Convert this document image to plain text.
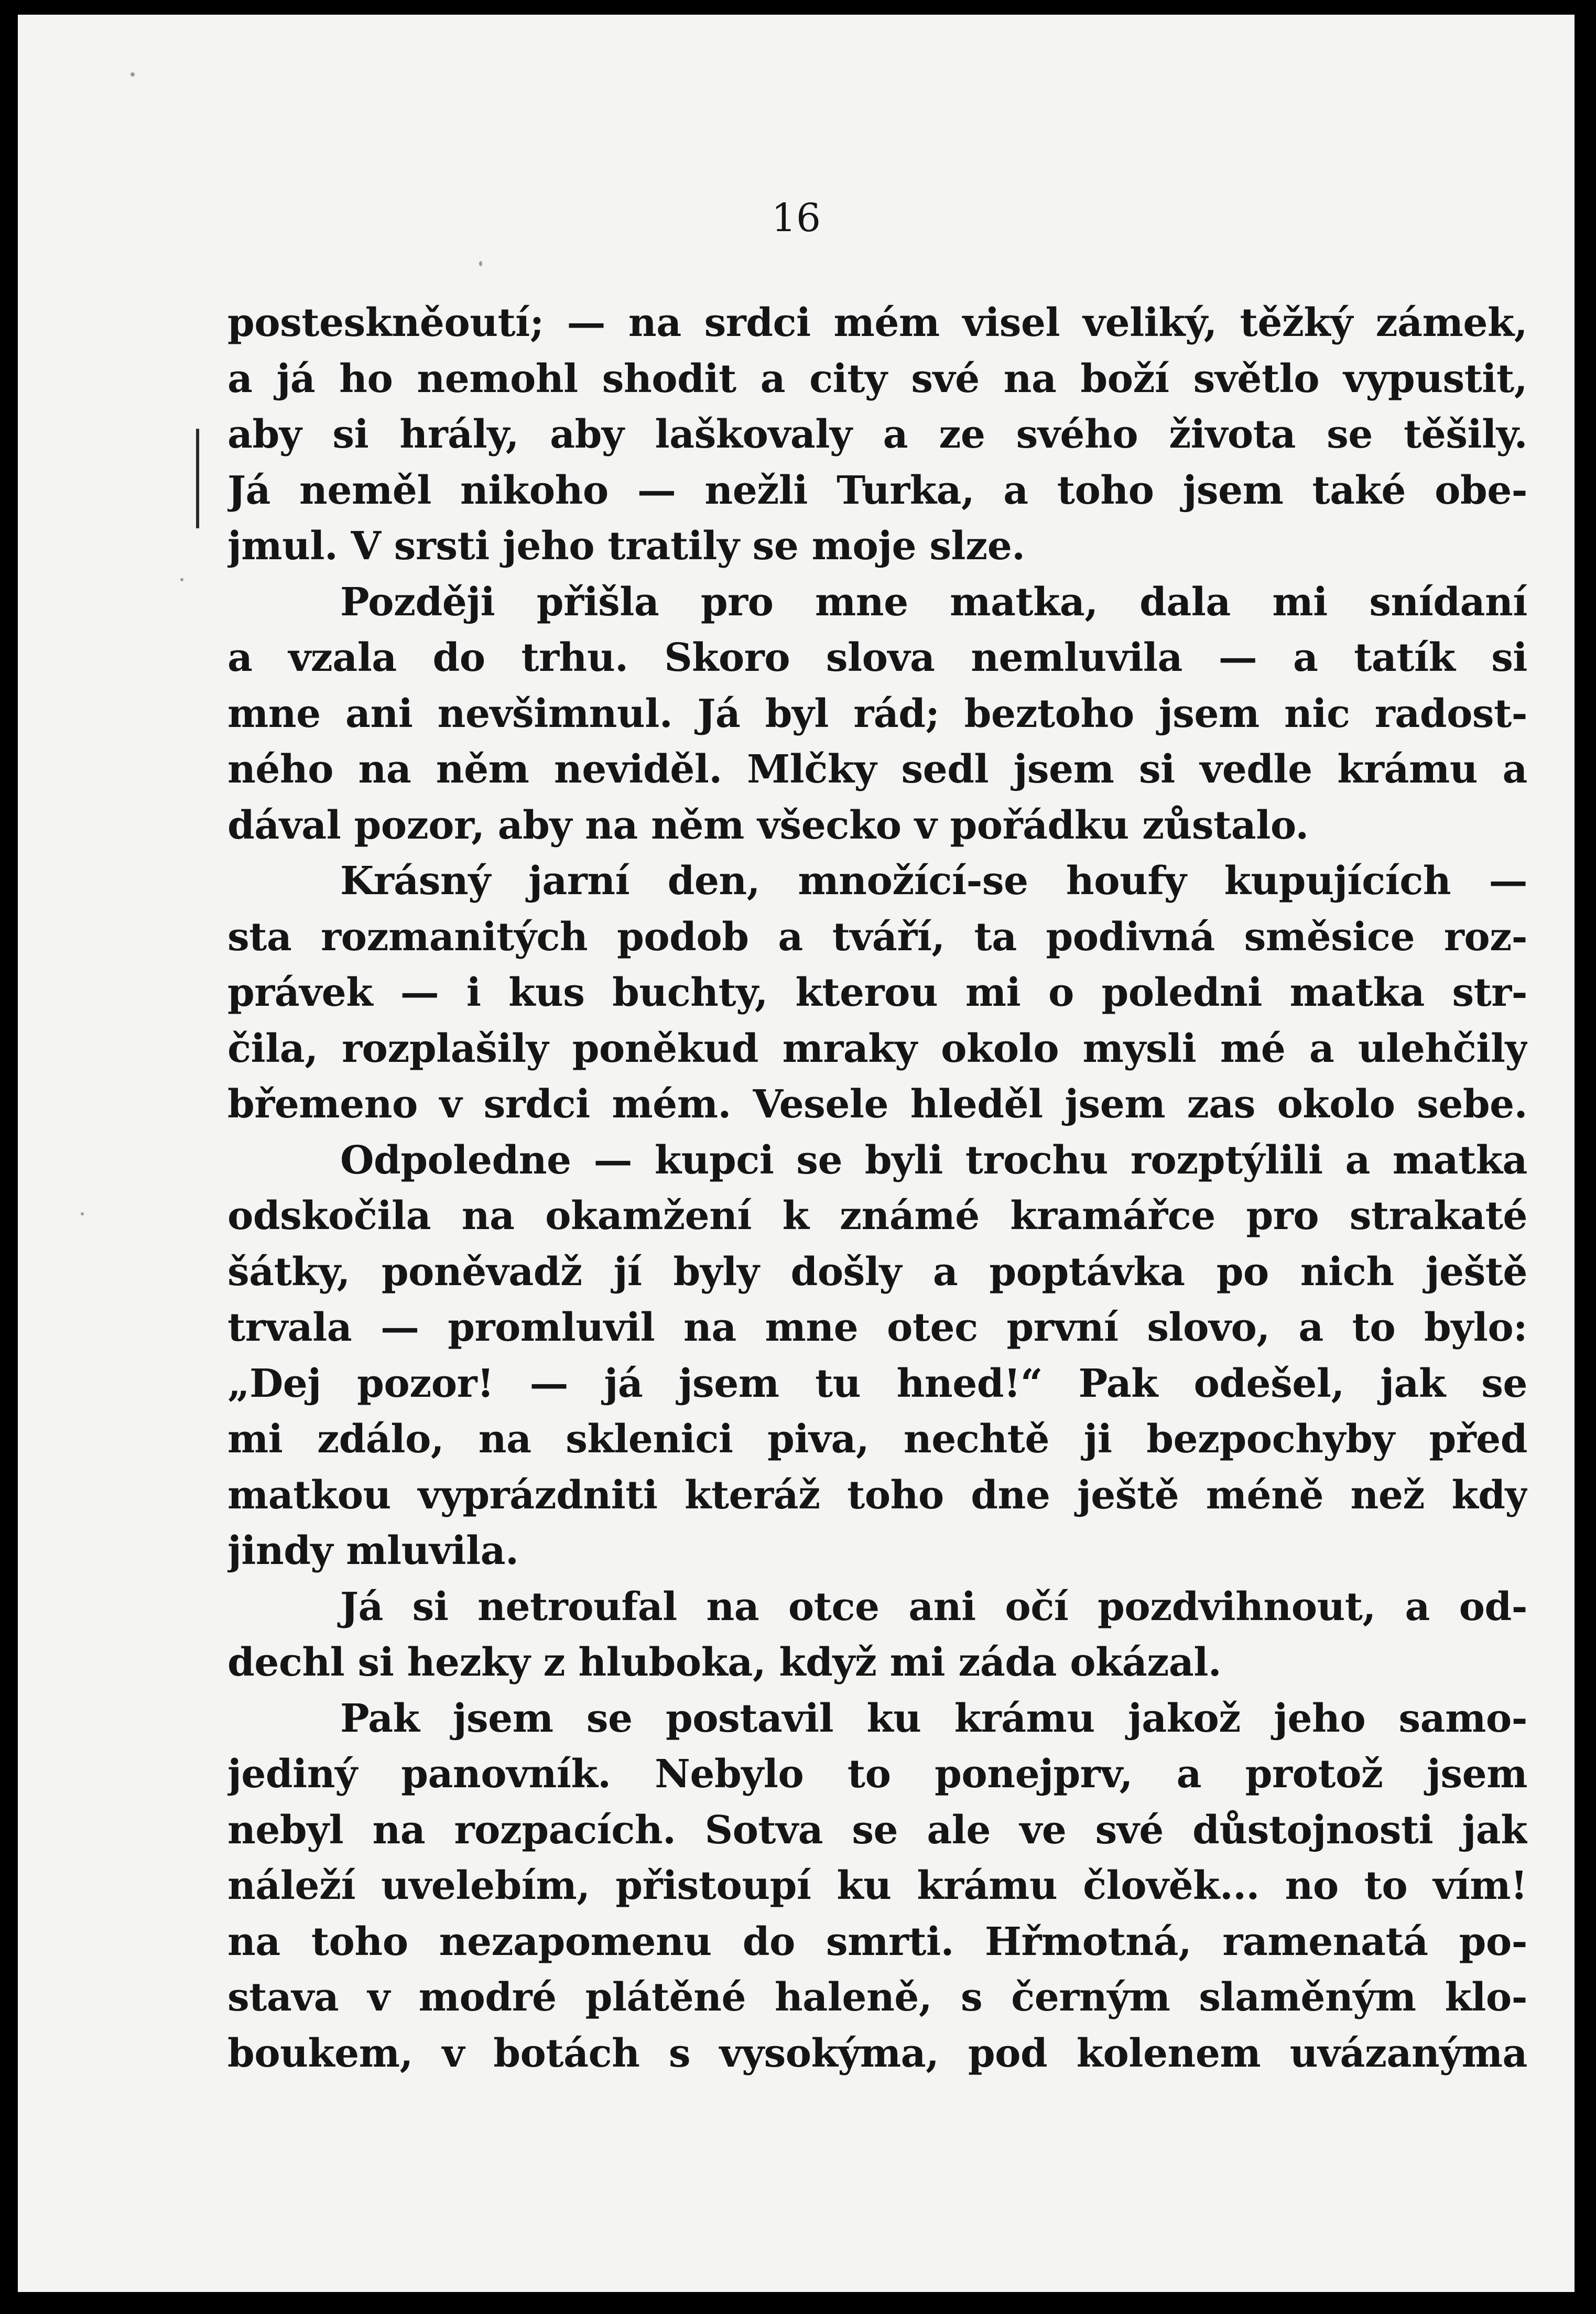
16
posteskněoutí; — na srdci mém visel veliký, těžký zámek,
a já ho nemohl shodit a city své na boží světlo vypustit,
aby si hrály, aby laškovaly a ze svého života se těšily.
Já neměl nikoho — nežli Turka, a toho jsem také obe-
jmul. V srsti jeho tratily se moje slze.
Později přišla pro mne matka, dala mi snídaní
a vzala do trhu. Skoro slova nemluvila — a tatík si
mne ani nevšimnul. Já byl rád; beztoho jsem nic radost-
ného na něm neviděl. Mlčky sedl jsem si vedle krámu a
dával pozor, aby na něm všecko v pořádku zůstalo.
Krásný jarní den, množící-se houfy kupujících —
sta rozmanitých podob a tváří, ta podivná směsice roz-
právek — i kus buchty, kterou mi o poledni matka str-
čila, rozplašily poněkud mraky okolo mysli mé a ulehčily
břemeno v srdci mém. Vesele hleděl jsem zas okolo sebe.
Odpoledne — kupci se byli trochu rozptýlili a matka
odskočila na okamžení k známé kramářce pro strakaté
šátky, poněvadž jí byly došly a poptávka po nich ještě
trvala — promluvil na mne otec první slovo, a to bylo:
„Dej pozor! — já jsem tu hned!“ Pak odešel, jak se
mi zdálo, na sklenici piva, nechtě ji bezpochyby před
matkou vyprázdniti kteráž toho dne ještě méně než kdy
jindy mluvila.
Já si netroufal na otce ani očí pozdvihnout, a od-
dechl si hezky z hluboka, když mi záda okázal.
Pak jsem se postavil ku krámu jakož jeho samo-
jediný panovník. Nebylo to ponejprv, a protož jsem
nebyl na rozpacích. Sotva se ale ve své důstojnosti jak
náleží uvelebím, přistoupí ku krámu člověk... no to vím!
na toho nezapomenu do smrti. Hřmotná, ramenatá po-
stava v modré plátěné haleně, s černým slaměným klo-
boukem, v botách s vysokýma, pod kolenem uvázanýma
